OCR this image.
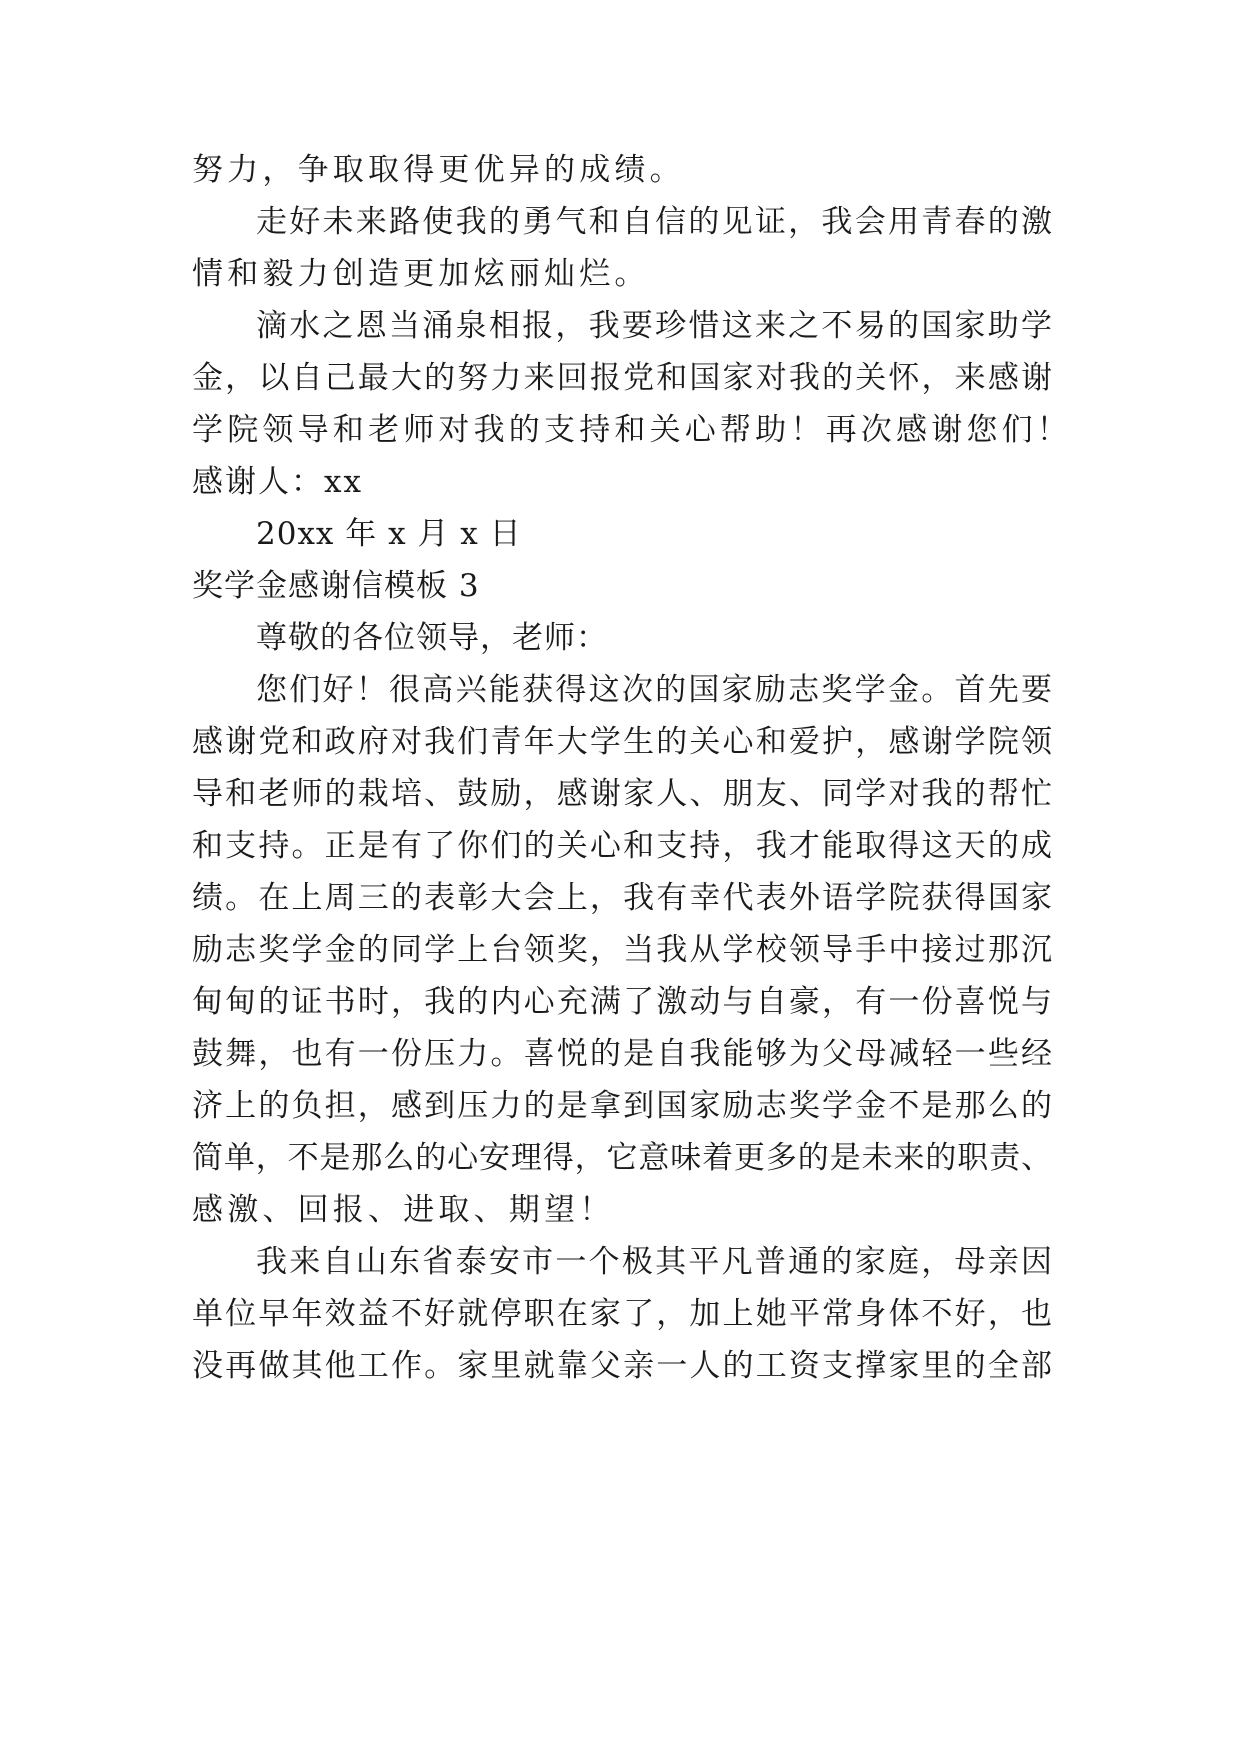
努力，争取取得更优异的成绩。
走好未来路使我的勇气和自信的见证，我会用青春的激
情和毅力创造更加炫丽灿烂。
滴水之恩当涌泉相报，我要珍惜这来之不易的国家助学
金，以自己最大的努力来回报党和国家对我的关怀，来感谢
学院领导和老师对我的支持和关心帮助！再次感谢您们！
感谢人：xx
20xx 年 x 月 x 日
奖学金感谢信模板 3
尊敬的各位领导，老师：
您们好！很高兴能获得这次的国家励志奖学金。首先要
感谢党和政府对我们青年大学生的关心和爱护，感谢学院领
导和老师的栽培、鼓励，感谢家人、朋友、同学对我的帮忙
和支持。正是有了你们的关心和支持，我才能取得这天的成
绩。在上周三的表彰大会上，我有幸代表外语学院获得国家
励志奖学金的同学上台领奖，当我从学校领导手中接过那沉
甸甸的证书时，我的内心充满了激动与自豪，有一份喜悦与
鼓舞，也有一份压力。喜悦的是自我能够为父母减轻一些经
济上的负担，感到压力的是拿到国家励志奖学金不是那么的
简单，不是那么的心安理得，它意味着更多的是未来的职责、
感激、回报、进取、期望！
我来自山东省泰安市一个极其平凡普通的家庭，母亲因
单位早年效益不好就停职在家了，加上她平常身体不好，也
没再做其他工作。家里就靠父亲一人的工资支撑家里的全部
